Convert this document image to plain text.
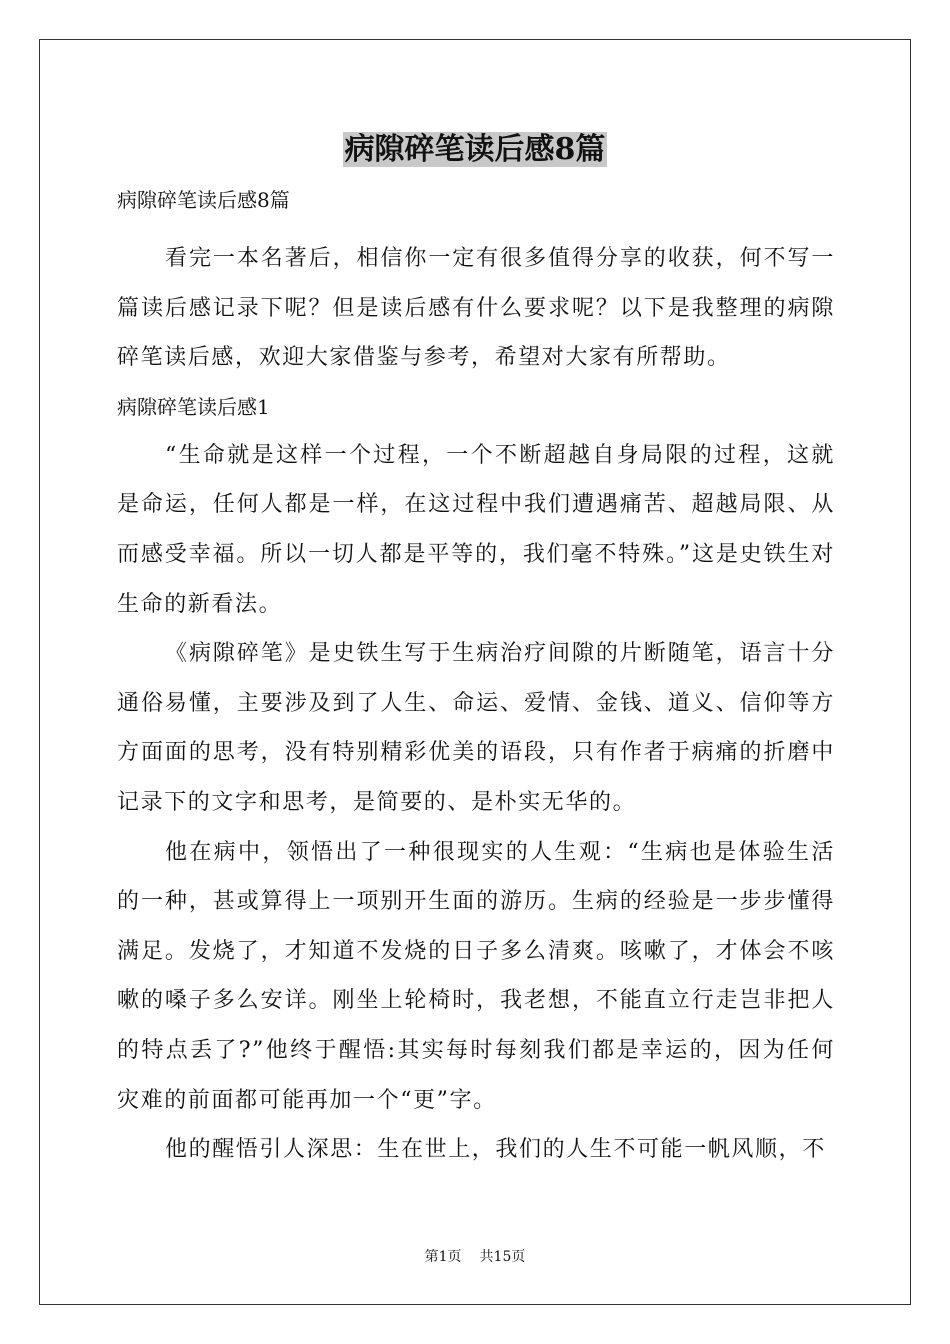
病隙碎笔读后感8篇

病隙碎笔读后感8篇

看完一本名著后，相信你一定有很多值得分享的收获，何不写一篇读后感记录下呢？但是读后感有什么要求呢？以下是我整理的病隙碎笔读后感，欢迎大家借鉴与参考，希望对大家有所帮助。

病隙碎笔读后感1

“生命就是这样一个过程，一个不断超越自身局限的过程，这就是命运，任何人都是一样，在这过程中我们遭遇痛苦、超越局限、从而感受幸福。所以一切人都是平等的，我们毫不特殊。”这是史铁生对生命的新看法。

《病隙碎笔》是史铁生写于生病治疗间隙的片断随笔，语言十分通俗易懂，主要涉及到了人生、命运、爱情、金钱、道义、信仰等方方面面的思考，没有特别精彩优美的语段，只有作者于病痛的折磨中记录下的文字和思考，是简要的、是朴实无华的。

他在病中，领悟出了一种很现实的人生观：“生病也是体验生活的一种，甚或算得上一项别开生面的游历。生病的经验是一步步懂得满足。发烧了，才知道不发烧的日子多么清爽。咳嗽了，才体会不咳嗽的嗓子多么安详。刚坐上轮椅时，我老想，不能直立行走岂非把人的特点丢了?”他终于醒悟:其实每时每刻我们都是幸运的，因为任何灾难的前面都可能再加一个“更”字。

他的醒悟引人深思：生在世上，我们的人生不可能一帆风顺，不

第1页 共15页
